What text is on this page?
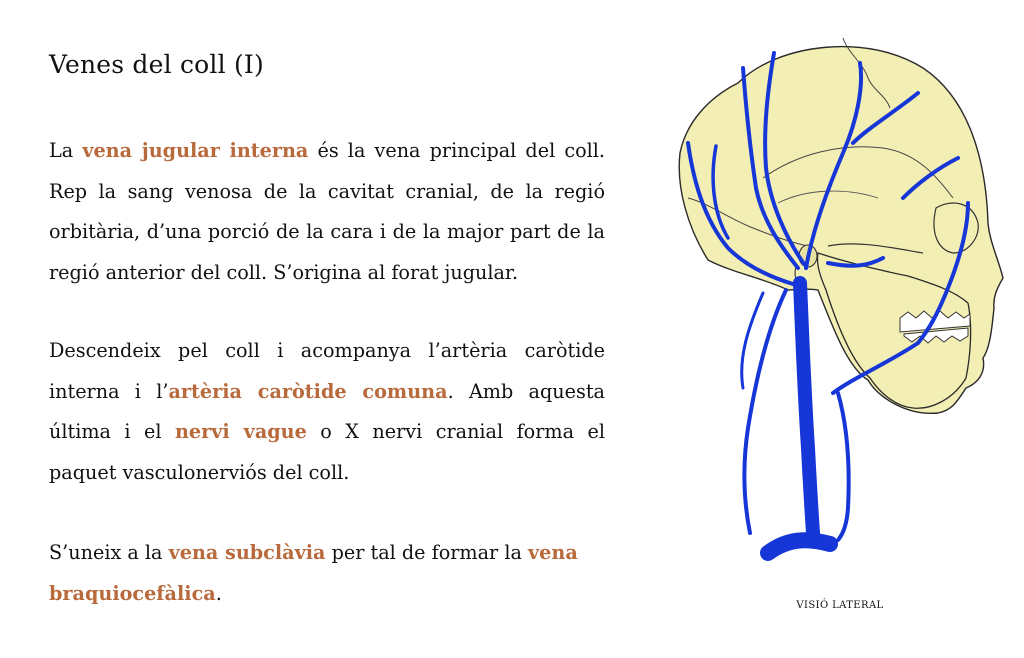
Venes del coll (I)

La vena jugular interna és la vena principal del coll. Rep la sang venosa de la cavitat cranial, de la regió orbitària, d’una porció de la cara i de la major part de la regió anterior del coll. S’origina al forat jugular.

Descendeix pel coll i acompanya l’artèria caròtide interna i l’artèria caròtide comuna. Amb aquesta última i el nervi vague o X nervi cranial forma el paquet vasculonerviós del coll.

S’uneix a la vena subclàvia per tal de formar la vena braquiocefàlica.

VISIÓ LATERAL
